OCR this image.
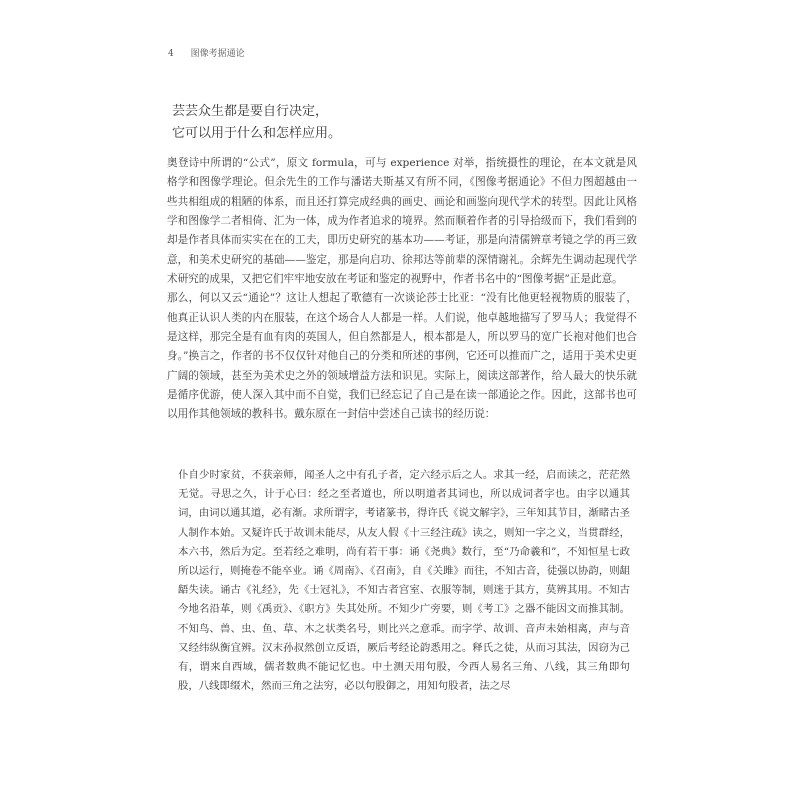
4 图像考据通论

芸芸众生都是要自行决定，

它可以用于什么和怎样应用。

奥登诗中所谓的“公式”，原文 formula，可与 experience 对举，指统摄性的理论，在本文就是风格学和图像学理论。但余先生的工作与潘诺夫斯基又有所不同，《图像考据通论》不但力图超越由一些共相组成的粗陋的体系，而且还打算完成经典的画史、画论和画鉴向现代学术的转型。因此让风格学和图像学二者相倚、汇为一体，成为作者追求的境界。然而顺着作者的引导拾级而下，我们看到的却是作者具体而实实在在的工夫，即历史研究的基本功——考证，那是向清儒辨章考镜之学的再三致意，和美术史研究的基础——鉴定，那是向启功、徐邦达等前辈的深情谢礼。余辉先生调动起现代学术研究的成果，又把它们牢牢地安放在考证和鉴定的视野中，作者书名中的“图像考据”正是此意。

那么，何以又云“通论”？这让人想起了歌德有一次谈论莎士比亚：“没有比他更轻视物质的服装了，他真正认识人类的内在服装，在这个场合人人都是一样。人们说，他卓越地描写了罗马人；我觉得不是这样，那完全是有血有肉的英国人，但自然都是人，根本都是人，所以罗马的宽广长袍对他们也合身。”换言之，作者的书不仅仅针对他自己的分类和所述的事例，它还可以推而广之，适用于美术史更广阔的领域，甚至为美术史之外的领域增益方法和识见。实际上，阅读这部著作，给人最大的快乐就是循序优游，使人深入其中而不自觉，我们已经忘记了自己是在读一部通论之作。因此，这部书也可以用作其他领域的教科书。戴东原在一封信中尝述自己读书的经历说：

仆自少时家贫，不获亲师，闻圣人之中有孔子者，定六经示后之人。求其一经，启而读之，茫茫然无觉。寻思之久，计于心曰：经之至者道也，所以明道者其词也，所以成词者字也。由字以通其词，由词以通其道，必有渐。求所谓字，考诸篆书，得许氏《说文解字》，三年知其节目，渐睹古圣人制作本始。又疑许氏于故训未能尽，从友人假《十三经注疏》读之，则知一字之义，当贯群经，本六书，然后为定。至若经之难明，尚有若干事：诵《尧典》数行，至“乃命羲和”，不知恒星七政所以运行，则掩卷不能卒业。诵《周南》、《召南》，自《关雎》而往，不知古音，徒强以协韵，则龃龉失读。诵古《礼经》，先《士冠礼》，不知古者宫室、衣服等制，则迷于其方，莫辨其用。不知古今地名沿革，则《禹贡》、《职方》失其处所。不知少广旁要，则《考工》之器不能因文而推其制。不知鸟、兽、虫、鱼、草、木之状类名号，则比兴之意乖。而字学、故训、音声未始相离，声与音又经纬纵衡宜辨。汉末孙叔然创立反语，厥后考经论韵悉用之。释氏之徒，从而习其法，因窃为己有，谓来自西域，儒者数典不能记忆也。中土测天用句股，今西人易名三角、八线，其三角即句股，八线即缀术，然而三角之法穷，必以句股御之，用知句股者，法之尽
